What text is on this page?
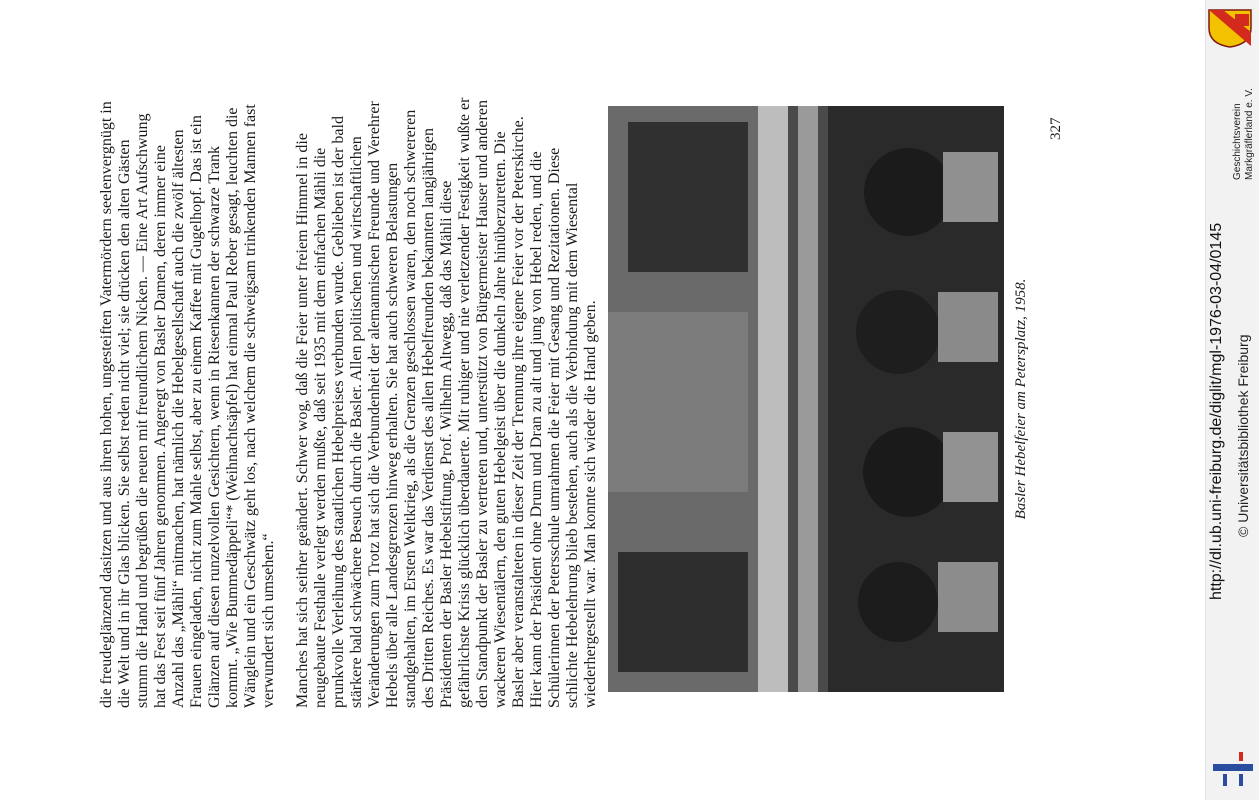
die freudeglänzend dasitzen und aus ihren hohen, ungesteiften Vatermördern seelenvergnügt in die Welt und in ihr Glas blicken. Sie selbst reden nicht viel; sie drücken den alten Gästen stumm die Hand und begrüßen die neuen mit freundlichem Nicken. — Eine Art Aufschwung hat das Fest seit fünf Jahren genommen. Angeregt von Basler Damen, deren immer eine Anzahl das „Mähli“ mitmachen, hat nämlich die Hebelgesellschaft auch die zwölf ältesten Frauen eingeladen, nicht zum Mahle selbst, aber zu einem Kaffee mit Gugelhopf. Das ist ein Glänzen auf diesen runzelvollen Gesichtern, wenn in Riesenkannen der schwarze Trank kommt. „Wie Bummedäppeli“* (Weihnachtsäpfel) hat einmal Paul Reber gesagt, leuchten die Wänglein und ein Geschwätz geht los, nach welchem die schweigsam trinkenden Mannen fast verwundert sich umsehen.“ Manches hat sich seither geändert. Schwer wog, daß die Feier unter freiem Himmel in die neugebaute Festhalle verlegt werden mußte, daß seit 1935 mit dem einfachen Mähli die prunkvolle Verleihung des staatlichen Hebelpreises verbunden wurde. Geblieben ist der bald stärkere bald schwächere Besuch durch die Basler. Allen politischen und wirtschaftlichen Veränderungen zum Trotz hat sich die Verbundenheit der alemannischen Freunde und Verehrer Hebels über alle Landesgrenzen hinweg erhalten. Sie hat auch schweren Belastungen standgehalten, im Ersten Weltkrieg, als die Grenzen geschlossen waren, den noch schwereren des Dritten Reiches. Es war das Verdienst des allen Hebelfreunden bekannten langjährigen Präsidenten der Basler Hebelstiftung, Prof. Wilhelm Altwegg, daß das Mähli diese gefährlichste Krisis glücklich überdauerte. Mit ruhiger und nie verletzender Festigkeit wußte er den Standpunkt der Basler zu vertreten und, unterstützt von Bürgermeister Hauser und anderen wackeren Wiesentälern, den guten Hebelgeist über die dunkeln Jahre hinüberzuretten. Die Basler aber veranstalteten in dieser Zeit der Trennung ihre eigene Feier vor der Peterskirche. Hier kann der Präsident ohne Drum und Dran zu alt und jung von Hebel reden, und die Schülerinnen der Petersschule umrahmen die Feier mit Gesang und Rezitationen. Diese schlichte Hebelehrung blieb bestehen, auch als die Verbindung mit dem Wiesental wiederhergestellt war. Man konnte sich wieder die Hand geben.	Basler Hebelfeier am Petersplatz, 1958.
327	Geschichtsverein Markgräflerland e. V.
http://dl.ub.uni-freiburg.de/diglit/mgl-1976-03-04/0145 © Universitätsbibliothek Freiburg
